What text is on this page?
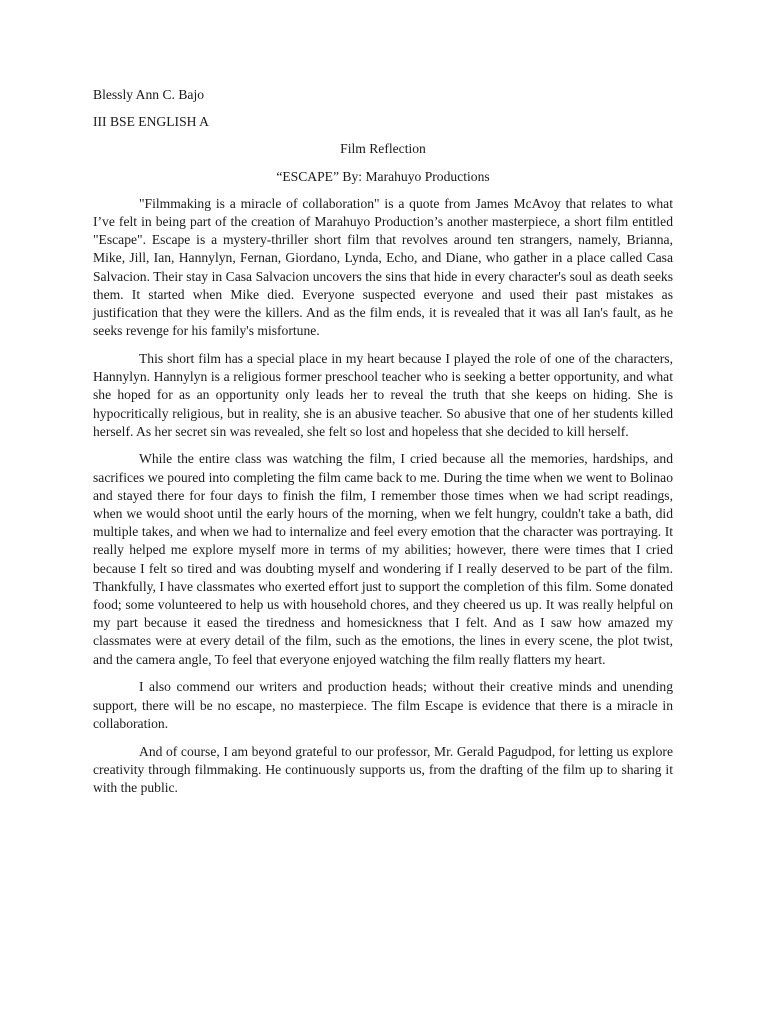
Blessly Ann C. Bajo

III BSE ENGLISH A

Film Reflection

“ESCAPE” By: Marahuyo Productions

"Filmmaking is a miracle of collaboration" is a quote from James McAvoy that relates to what I’ve felt in being part of the creation of Marahuyo Production’s another masterpiece, a short film entitled "Escape". Escape is a mystery-thriller short film that revolves around ten strangers, namely, Brianna, Mike, Jill, Ian, Hannylyn, Fernan, Giordano, Lynda, Echo, and Diane, who gather in a place called Casa Salvacion. Their stay in Casa Salvacion uncovers the sins that hide in every character's soul as death seeks them. It started when Mike died. Everyone suspected everyone and used their past mistakes as justification that they were the killers. And as the film ends, it is revealed that it was all Ian's fault, as he seeks revenge for his family's misfortune.

This short film has a special place in my heart because I played the role of one of the characters, Hannylyn. Hannylyn is a religious former preschool teacher who is seeking a better opportunity, and what she hoped for as an opportunity only leads her to reveal the truth that she keeps on hiding. She is hypocritically religious, but in reality, she is an abusive teacher. So abusive that one of her students killed herself. As her secret sin was revealed, she felt so lost and hopeless that she decided to kill herself.

While the entire class was watching the film, I cried because all the memories, hardships, and sacrifices we poured into completing the film came back to me. During the time when we went to Bolinao and stayed there for four days to finish the film, I remember those times when we had script readings, when we would shoot until the early hours of the morning, when we felt hungry, couldn't take a bath, did multiple takes, and when we had to internalize and feel every emotion that the character was portraying. It really helped me explore myself more in terms of my abilities; however, there were times that I cried because I felt so tired and was doubting myself and wondering if I really deserved to be part of the film. Thankfully, I have classmates who exerted effort just to support the completion of this film. Some donated food; some volunteered to help us with household chores, and they cheered us up. It was really helpful on my part because it eased the tiredness and homesickness that I felt. And as I saw how amazed my classmates were at every detail of the film, such as the emotions, the lines in every scene, the plot twist, and the camera angle, To feel that everyone enjoyed watching the film really flatters my heart.

I also commend our writers and production heads; without their creative minds and unending support, there will be no escape, no masterpiece. The film Escape is evidence that there is a miracle in collaboration.

And of course, I am beyond grateful to our professor, Mr. Gerald Pagudpod, for letting us explore creativity through filmmaking. He continuously supports us, from the drafting of the film up to sharing it with the public.
